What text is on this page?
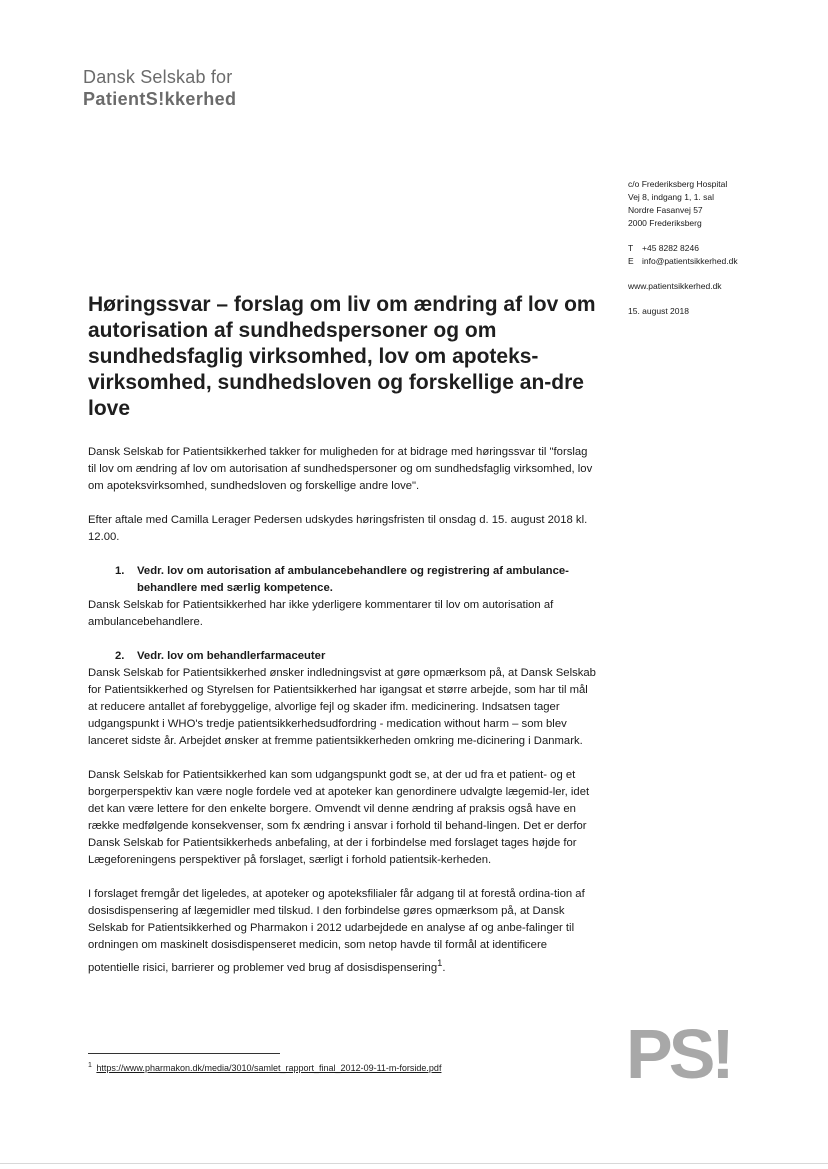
Dansk Selskab for
PatientS!kkerhed
c/o Frederiksberg Hospital
Vej 8, indgang 1, 1. sal
Nordre Fasanvej 57
2000 Frederiksberg
T +45 8282 8246
E info@patientsikkerhed.dk
www.patientsikkerhed.dk
15. august 2018
Høringssvar – forslag om liv om ændring af lov om autorisation af sundhedspersoner og om sundhedsfaglig virksomhed, lov om apoteks-virksomhed, sundhedsloven og forskellige an-dre love

Dansk Selskab for Patientsikkerhed takker for muligheden for at bidrage med høringssvar til "forslag til lov om ændring af lov om autorisation af sundhedspersoner og om sundhedsfaglig virksomhed, lov om apoteksvirksomhed, sundhedsloven og forskellige andre love".

Efter aftale med Camilla Lerager Pedersen udskydes høringsfristen til onsdag d. 15. august 2018 kl. 12.00.

1.	Vedr. lov om autorisation af ambulancebehandlere og registrering af ambulance-behandlere med særlig kompetence.

Dansk Selskab for Patientsikkerhed har ikke yderligere kommentarer til lov om autorisation af ambulancebehandlere.

2.	Vedr. lov om behandlerfarmaceuter

Dansk Selskab for Patientsikkerhed ønsker indledningsvist at gøre opmærksom på, at Dansk Selskab for Patientsikkerhed og Styrelsen for Patientsikkerhed har igangsat et større arbejde, som har til mål at reducere antallet af forebyggelige, alvorlige fejl og skader ifm. medicinering. Indsatsen tager udgangspunkt i WHO's tredje patientsikkerhedsudfordring - medication without harm – som blev lanceret sidste år. Arbejdet ønsker at fremme patientsikkerheden omkring me-dicinering i Danmark.

Dansk Selskab for Patientsikkerhed kan som udgangspunkt godt se, at der ud fra et patient- og et borgerperspektiv kan være nogle fordele ved at apoteker kan genordinere udvalgte lægemid-ler, idet det kan være lettere for den enkelte borgere. Omvendt vil denne ændring af praksis også have en række medfølgende konsekvenser, som fx ændring i ansvar i forhold til behand-lingen. Det er derfor Dansk Selskab for Patientsikkerheds anbefaling, at der i forbindelse med forslaget tages højde for Lægeforeningens perspektiver på forslaget, særligt i forhold patientsik-kerheden.

I forslaget fremgår det ligeledes, at apoteker og apoteksfilialer får adgang til at forestå ordina-tion af dosisdispensering af lægemidler med tilskud. I den forbindelse gøres opmærksom på, at Dansk Selskab for Patientsikkerhed og Pharmakon i 2012 udarbejdede en analyse af og anbe-falinger til ordningen om maskinelt dosisdispenseret medicin, som netop havde til formål at identificere potentielle risici, barrierer og problemer ved brug af dosisdispensering$^1$.

$^1$ https://www.pharmakon.dk/media/3010/samlet_rapport_final_2012-09-11-m-forside.pdf	PS!
